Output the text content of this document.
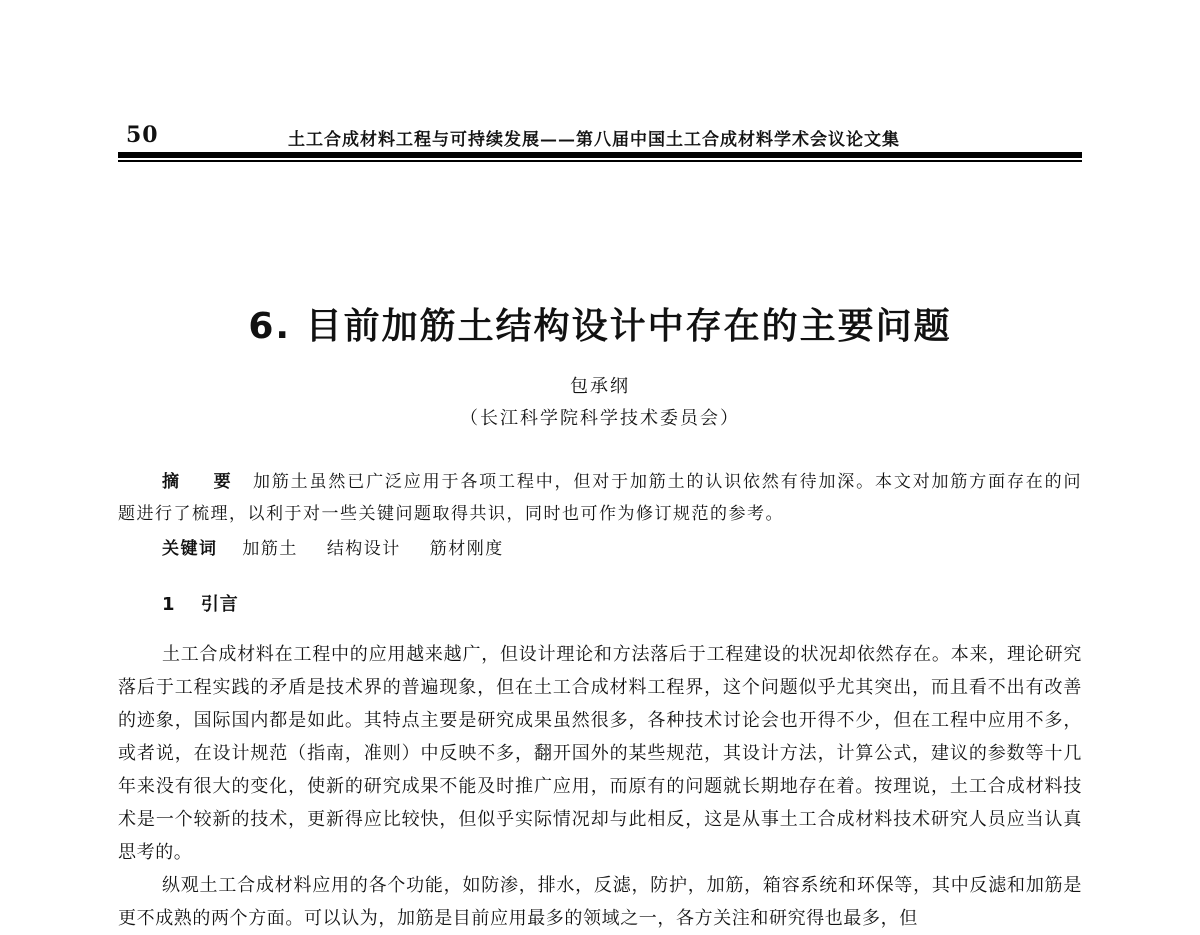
50	土工合成材料工程与可持续发展——第八届中国土工合成材料学术会议论文集
6. 目前加筋土结构设计中存在的主要问题
包承纲
（长江科学院科学技术委员会）

摘 要 加筋土虽然已广泛应用于各项工程中，但对于加筋土的认识依然有待加深。本文对加筋方面存在的问题进行了梳理，以利于对一些关键问题取得共识，同时也可作为修订规范的参考。

关键词 加筋土 结构设计 筋材刚度
1 引言

土工合成材料在工程中的应用越来越广，但设计理论和方法落后于工程建设的状况却依然存在。本来，理论研究落后于工程实践的矛盾是技术界的普遍现象，但在土工合成材料工程界，这个问题似乎尤其突出，而且看不出有改善的迹象，国际国内都是如此。其特点主要是研究成果虽然很多，各种技术讨论会也开得不少，但在工程中应用不多，或者说，在设计规范（指南，准则）中反映不多，翻开国外的某些规范，其设计方法，计算公式，建议的参数等十几年来没有很大的变化，使新的研究成果不能及时推广应用，而原有的问题就长期地存在着。按理说，土工合成材料技术是一个较新的技术，更新得应比较快，但似乎实际情况却与此相反，这是从事土工合成材料技术研究人员应当认真思考的。

纵观土工合成材料应用的各个功能，如防渗，排水，反滤，防护，加筋，箱容系统和环保等，其中反滤和加筋是更不成熟的两个方面。可以认为，加筋是目前应用最多的领域之一，各方关注和研究得也最多，但
